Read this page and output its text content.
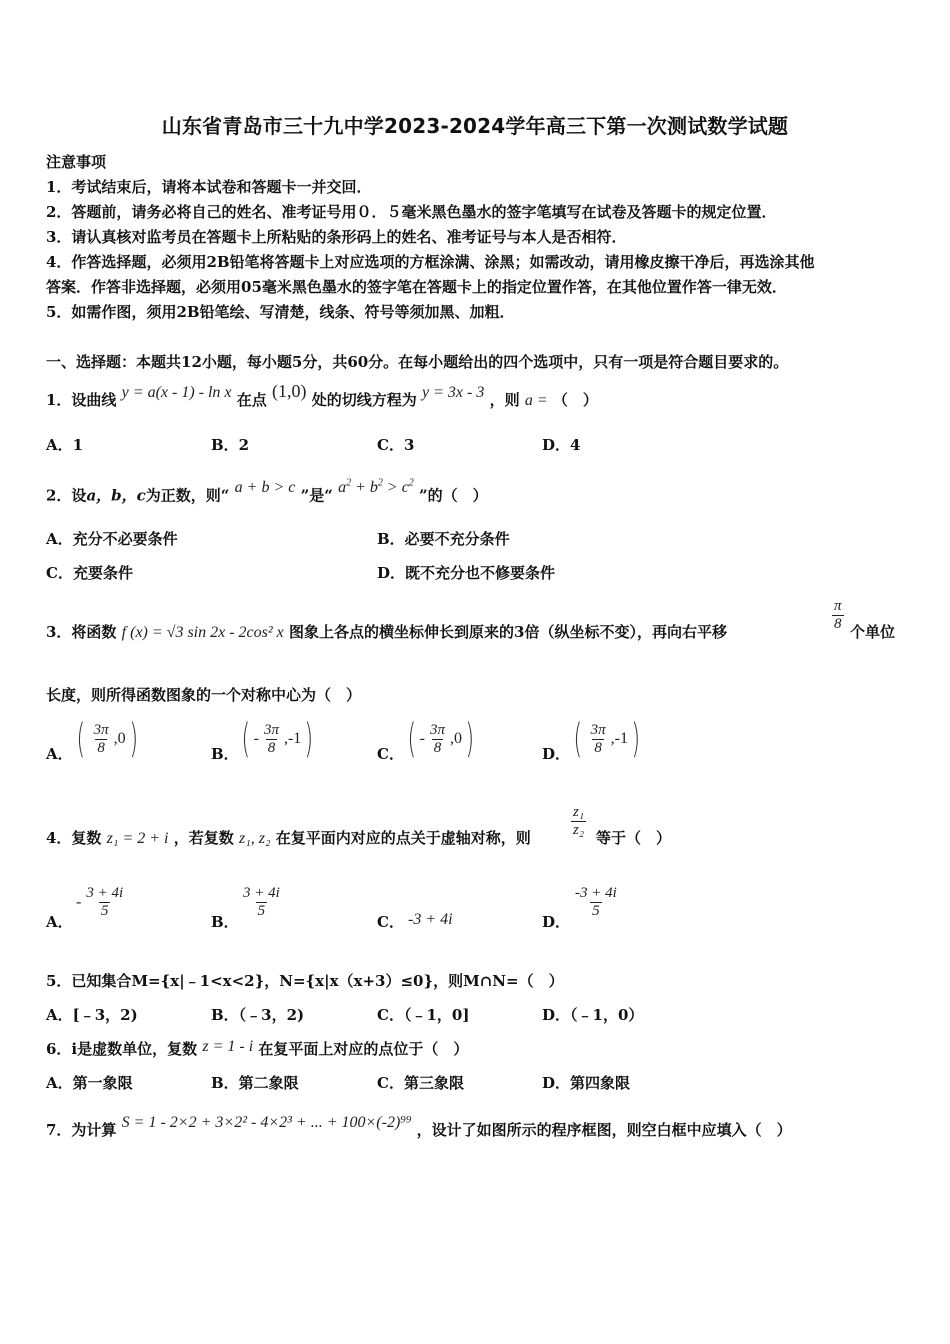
山东省青岛市三十九中学2023-2024学年高三下第一次测试数学试题
注意事项
1．考试结束后，请将本试卷和答题卡一并交回．
2．答题前，请务必将自己的姓名、准考证号用０．５毫米黑色墨水的签字笔填写在试卷及答题卡的规定位置．
3．请认真核对监考员在答题卡上所粘贴的条形码上的姓名、准考证号与本人是否相符．
4．作答选择题，必须用2B铅笔将答题卡上对应选项的方框涂满、涂黑；如需改动，请用橡皮擦干净后，再选涂其他
答案．作答非选择题，必须用05毫米黑色墨水的签字笔在答题卡上的指定位置作答，在其他位置作答一律无效．
5．如需作图，须用2B铅笔绘、写清楚，线条、符号等须加黑、加粗．
一、选择题：本题共12小题，每小题5分，共60分。在每小题给出的四个选项中，只有一项是符合题目要求的。
1．设曲线 y = a(x - 1) - ln x 在点 (1,0) 处的切线方程为 y = 3x - 3 ，则 a = （　）
A．1	B．2	C．3	D．4
2．设a，b，c为正数，则“ a + b > c ”是“ $a^2 + b^2 > c^2$ ”的（　）
A．充分不必要条件	B．必要不充分条件
C．充要条件	D．既不充分也不修要条件
3．将函数 f (x) = √3 sin 2x - 2cos² x 图象上各点的横坐标伸长到原来的3倍（纵坐标不变），再向右平移	$\frac{\pi}{8}$ 个单位
长度，则所得函数图象的一个对称中心为（　）
A． ( $\frac{3\pi}{8} ,0$ )	B． ( - $\frac{3\pi}{8} ,-1$ )	C． ( - $\frac{3\pi}{8} ,0$ )	D． ( $\frac{3\pi}{8} ,-1$ )
4．复数 z₁ = 2 + i ，若复数 z₁, z₂ 在复平面内对应的点关于虚轴对称，则	$\frac{\text{z₁}}{\text{z₂}}$ 等于（　）
A．
- $\frac{3 + 4i}{5}$
B．
$\frac{3 + 4i}{5}$
C． -3 + 4i	D．
$\frac{-3 + 4i}{5}$
5．已知集合M={x|﹣1<x<2}，N={x|x（x+3）≤0}，则M∩N=（　）
A．[﹣3，2)	B．（﹣3，2)	C．（﹣1，0]	D．（﹣1，0）
6．i是虚数单位，复数 z = 1 - i 在复平面上对应的点位于（　）
A．第一象限	B．第二象限	C．第三象限	D．第四象限
7．为计算 S = 1 - 2×2 + 3×2² - 4×2³ + ... + 100×(-2)⁹⁹ ，设计了如图所示的程序框图，则空白框中应填入（　）
